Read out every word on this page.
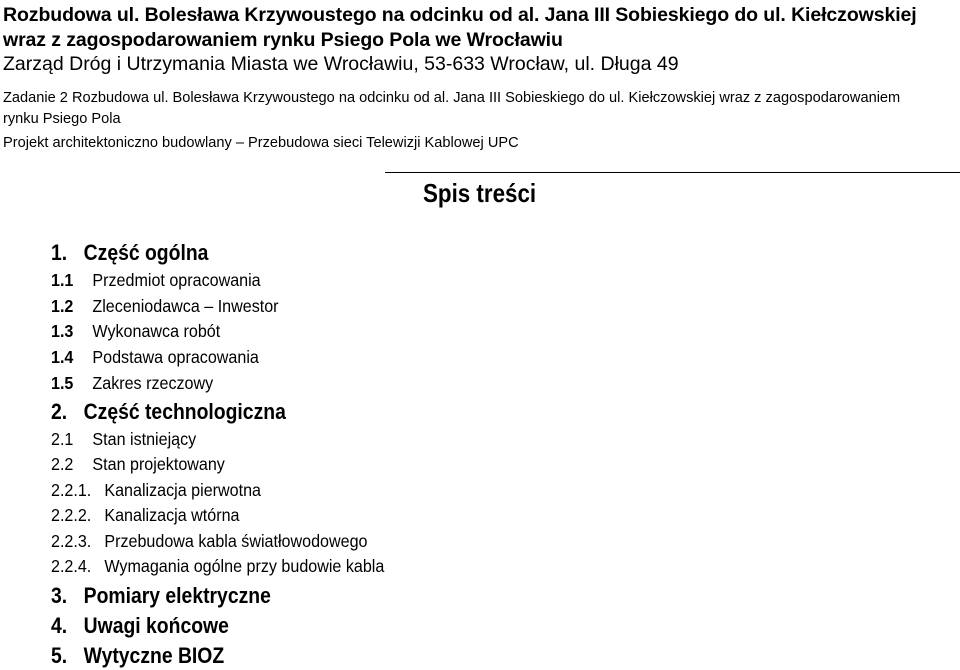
Rozbudowa ul. Bolesława Krzywoustego na odcinku od al. Jana III Sobieskiego do ul. Kiełczowskiej
wraz z zagospodarowaniem rynku Psiego Pola we Wrocławiu
Zarząd Dróg i Utrzymania Miasta we Wrocławiu, 53-633 Wrocław, ul. Długa 49
Zadanie 2 Rozbudowa ul. Bolesława Krzywoustego na odcinku od al. Jana III Sobieskiego do ul. Kiełczowskiej wraz z zagospodarowaniem
rynku Psiego Pola
Projekt architektoniczno budowlany – Przebudowa sieci Telewizji Kablowej UPC
Spis treści
1. Część ogólna
1.1 Przedmiot opracowania
1.2 Zleceniodawca – Inwestor
1.3 Wykonawca robót
1.4 Podstawa opracowania
1.5 Zakres rzeczowy
2. Część technologiczna
2.1 Stan istniejący
2.2 Stan projektowany
2.2.1. Kanalizacja pierwotna
2.2.2. Kanalizacja wtórna
2.2.3. Przebudowa kabla światłowodowego
2.2.4. Wymagania ogólne przy budowie kabla
3. Pomiary elektryczne
4. Uwagi końcowe
5. Wytyczne BIOZ
